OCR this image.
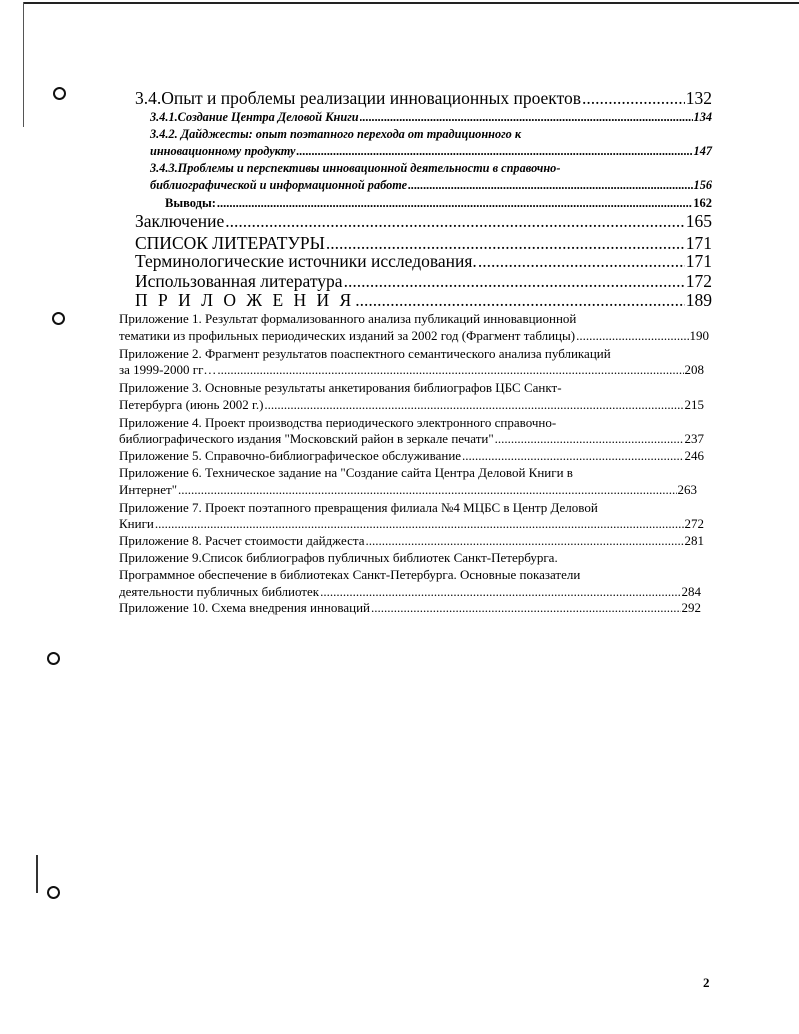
3.4.Опыт и проблемы реализации инновационных проектов .....	132
3.4.1.Создание Центра Деловой Книги .....	134
3.4.2. Дайджесты: опыт поэтапного перехода от традиционного к
инновационному продукту .....	147
3.4.3.Проблемы и перспективы инновационной деятельности в справочно-
библиографической и информационной работе .....	156
Выводы: .....	162
Заключение .....	165
СПИСОК ЛИТЕРАТУРЫ .....	171
Терминологические источники исследования. .....	171
Использованная литература .....	172
П Р И Л О Ж Е Н И Я .....	189
Приложение 1. Результат формализованного анализа публикаций инновавционной
тематики из профильных периодических изданий за 2002 год (Фрагмент таблицы) .....	190
Приложение 2. Фрагмент результатов поаспектного семантического анализа публикаций
за 1999-2000 гг… .....	208
Приложение 3. Основные результаты анкетирования библиографов ЦБС Санкт-
Петербурга (июнь 2002 г.) .....	215
Приложение 4. Проект производства периодического электронного справочно-
библиографического издания "Московский район в зеркале печати" .....	237
Приложение 5. Справочно-библиографическое обслуживание .....	246
Приложение 6. Техническое задание на "Создание сайта Центра Деловой Книги в
Интернет" .....	263
Приложение 7. Проект поэтапного превращения филиала №4 МЦБС в Центр Деловой
Книги .....	272
Приложение 8. Расчет стоимости дайджеста .....	281
Приложение 9.Список библиографов публичных библиотек Санкт-Петербурга.
Программное обеспечение в библиотеках Санкт-Петербурга. Основные показатели
деятельности публичных библиотек .....	284
Приложение 10. Схема внедрения инноваций .....	292
2
